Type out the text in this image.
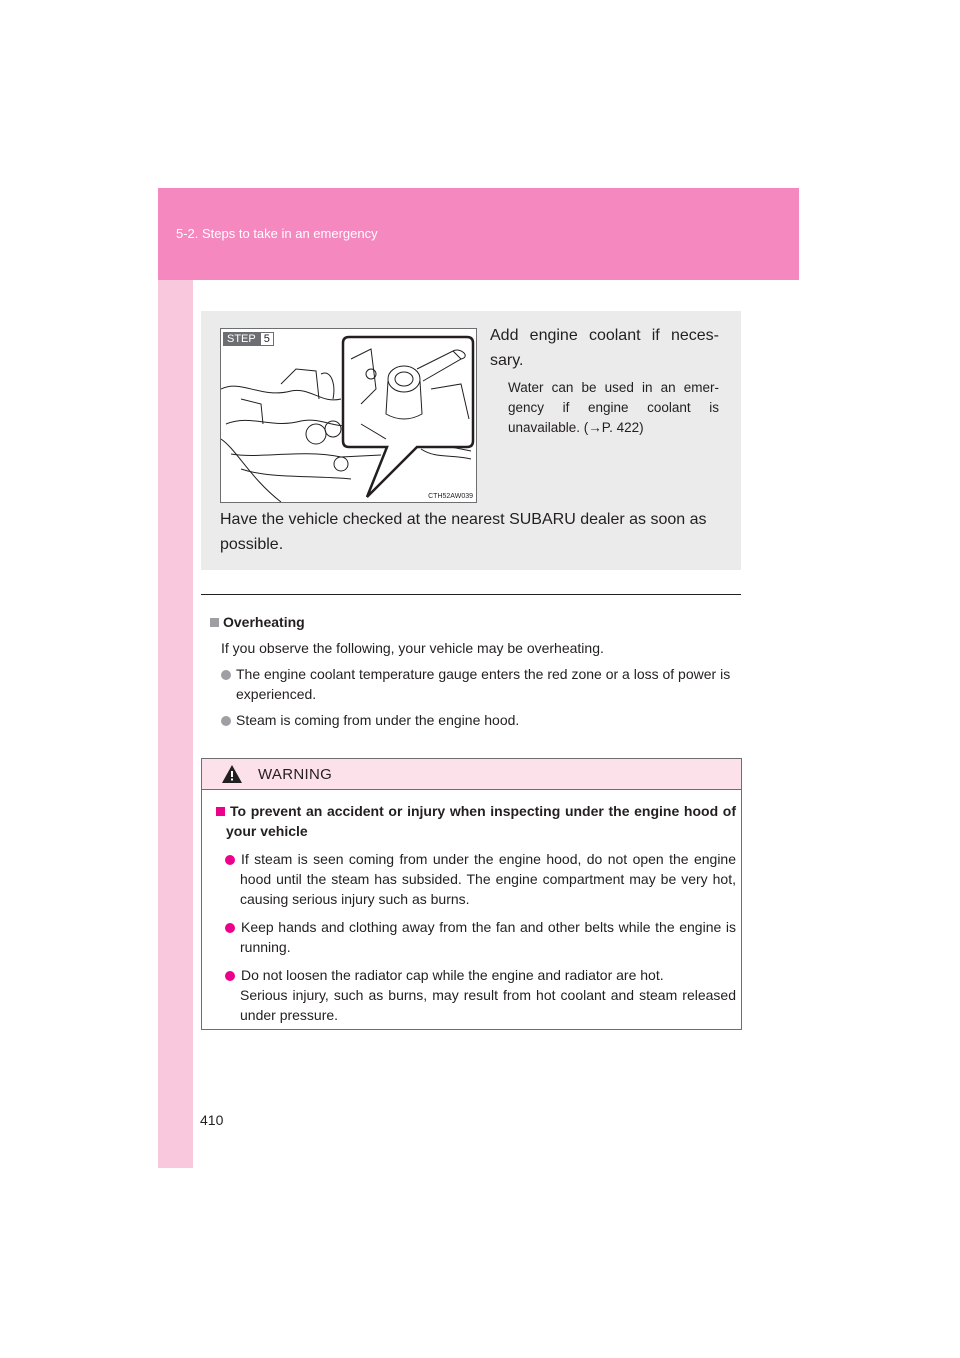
5-2. Steps to take in an emergency
STEP 5
CTH52AW039
Add engine coolant if neces-sary.
Water can be used in an emer-gency if engine coolant is unavailable. (→P. 422)
Have the vehicle checked at the nearest SUBARU dealer as soon as possible.
Overheating
If you observe the following, your vehicle may be overheating.
The engine coolant temperature gauge enters the red zone or a loss of power is experienced.
Steam is coming from under the engine hood.
WARNING
To prevent an accident or injury when inspecting under the engine hood of your vehicle
If steam is seen coming from under the engine hood, do not open the engine hood until the steam has subsided. The engine compartment may be very hot, causing serious injury such as burns.
Keep hands and clothing away from the fan and other belts while the engine is running.
Do not loosen the radiator cap while the engine and radiator are hot.
Serious injury, such as burns, may result from hot coolant and steam released under pressure.
410
